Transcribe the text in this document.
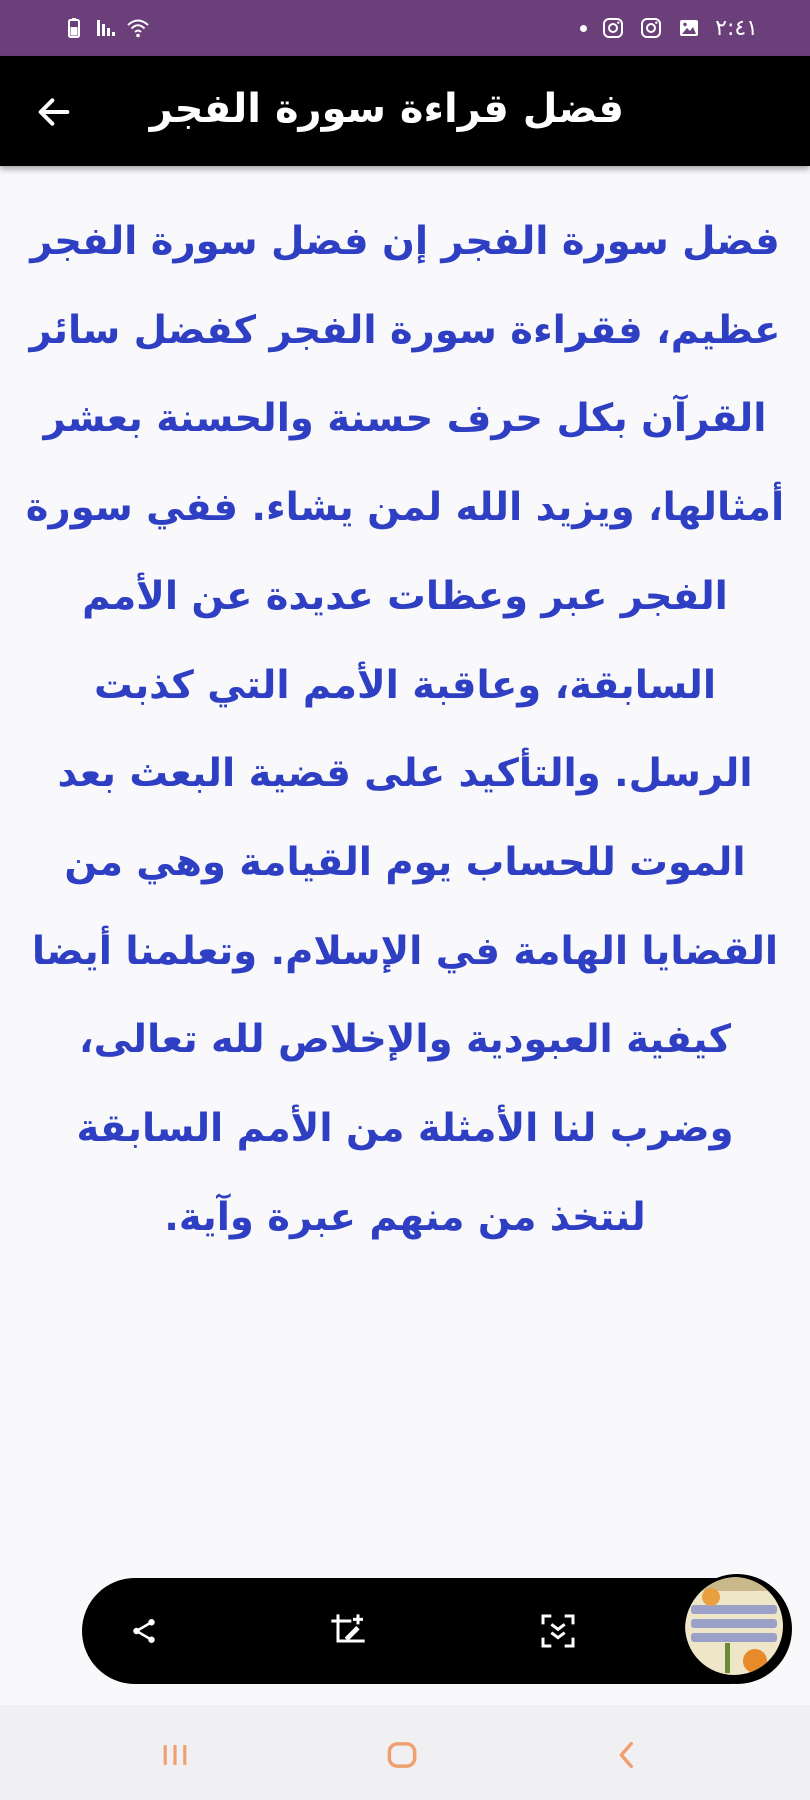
٢:٤١
فضل قراءة سورة الفجر

فضل سورة الفجر إن فضل سورة الفجر عظيم، فقراءة سورة الفجر كفضل سائر القرآن بكل حرف حسنة والحسنة بعشر أمثالها، ويزيد الله لمن يشاء. ففي سورة الفجر عبر وعظات عديدة عن الأمم السابقة، وعاقبة الأمم التي كذبت الرسل. والتأكيد على قضية البعث بعد الموت للحساب يوم القيامة وهي من القضايا الهامة في الإسلام. وتعلمنا أيضا كيفية العبودية والإخلاص لله تعالى، وضرب لنا الأمثلة من الأمم السابقة لنتخذ من منهم عبرة وآية.
